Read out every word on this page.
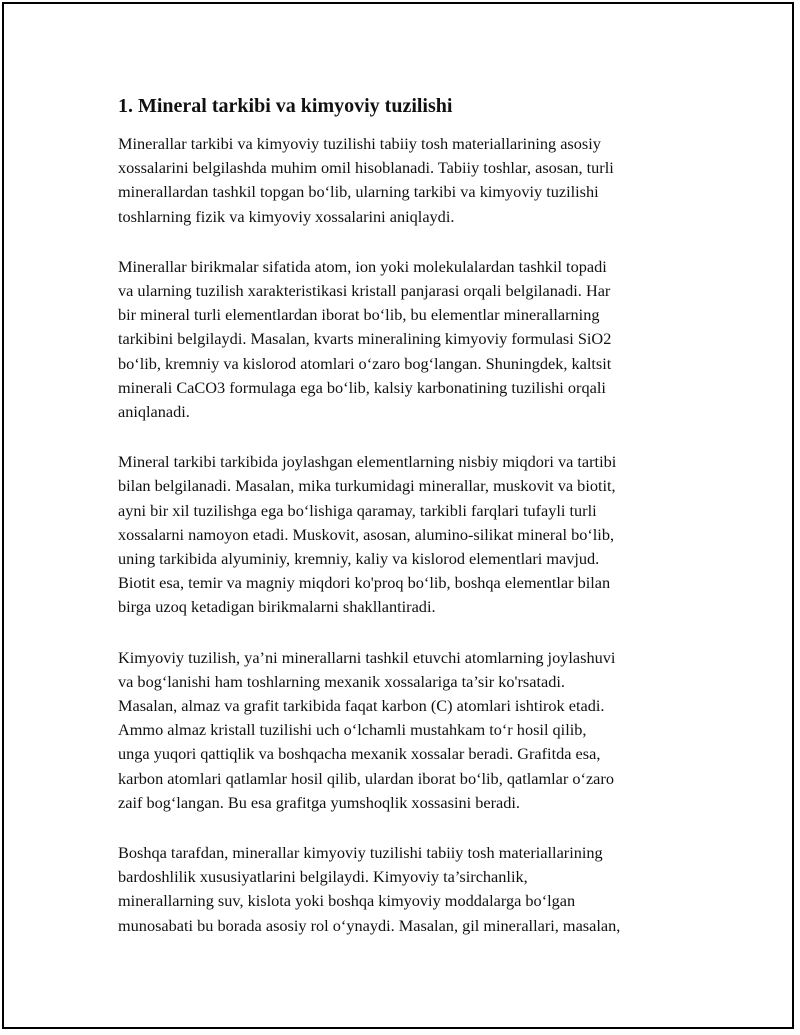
1. Mineral tarkibi va kimyoviy tuzilishi

Minerallar tarkibi va kimyoviy tuzilishi tabiiy tosh materiallarining asosiy
xossalarini belgilashda muhim omil hisoblanadi. Tabiiy toshlar, asosan, turli
minerallardan tashkil topgan bo‘lib, ularning tarkibi va kimyoviy tuzilishi
toshlarning fizik va kimyoviy xossalarini aniqlaydi.

Minerallar birikmalar sifatida atom, ion yoki molekulalardan tashkil topadi
va ularning tuzilish xarakteristikasi kristall panjarasi orqali belgilanadi. Har
bir mineral turli elementlardan iborat bo‘lib, bu elementlar minerallarning
tarkibini belgilaydi. Masalan, kvarts mineralining kimyoviy formulasi SiO2
bo‘lib, kremniy va kislorod atomlari o‘zaro bog‘langan. Shuningdek, kaltsit
minerali CaCO3 formulaga ega bo‘lib, kalsiy karbonatining tuzilishi orqali
aniqlanadi.

Mineral tarkibi tarkibida joylashgan elementlarning nisbiy miqdori va tartibi
bilan belgilanadi. Masalan, mika turkumidagi minerallar, muskovit va biotit,
ayni bir xil tuzilishga ega bo‘lishiga qaramay, tarkibli farqlari tufayli turli
xossalarni namoyon etadi. Muskovit, asosan, alumino-silikat mineral bo‘lib,
uning tarkibida alyuminiy, kremniy, kaliy va kislorod elementlari mavjud.
Biotit esa, temir va magniy miqdori ko'proq bo‘lib, boshqa elementlar bilan
birga uzoq ketadigan birikmalarni shakllantiradi.

Kimyoviy tuzilish, ya’ni minerallarni tashkil etuvchi atomlarning joylashuvi
va bog‘lanishi ham toshlarning mexanik xossalariga ta’sir ko'rsatadi.
Masalan, almaz va grafit tarkibida faqat karbon (C) atomlari ishtirok etadi.
Ammo almaz kristall tuzilishi uch o‘lchamli mustahkam to‘r hosil qilib,
unga yuqori qattiqlik va boshqacha mexanik xossalar beradi. Grafitda esa,
karbon atomlari qatlamlar hosil qilib, ulardan iborat bo‘lib, qatlamlar o‘zaro
zaif bog‘langan. Bu esa grafitga yumshoqlik xossasini beradi.

Boshqa tarafdan, minerallar kimyoviy tuzilishi tabiiy tosh materiallarining
bardoshlilik xususiyatlarini belgilaydi. Kimyoviy ta’sirchanlik,
minerallarning suv, kislota yoki boshqa kimyoviy moddalarga bo‘lgan
munosabati bu borada asosiy rol o‘ynaydi. Masalan, gil minerallari, masalan,
